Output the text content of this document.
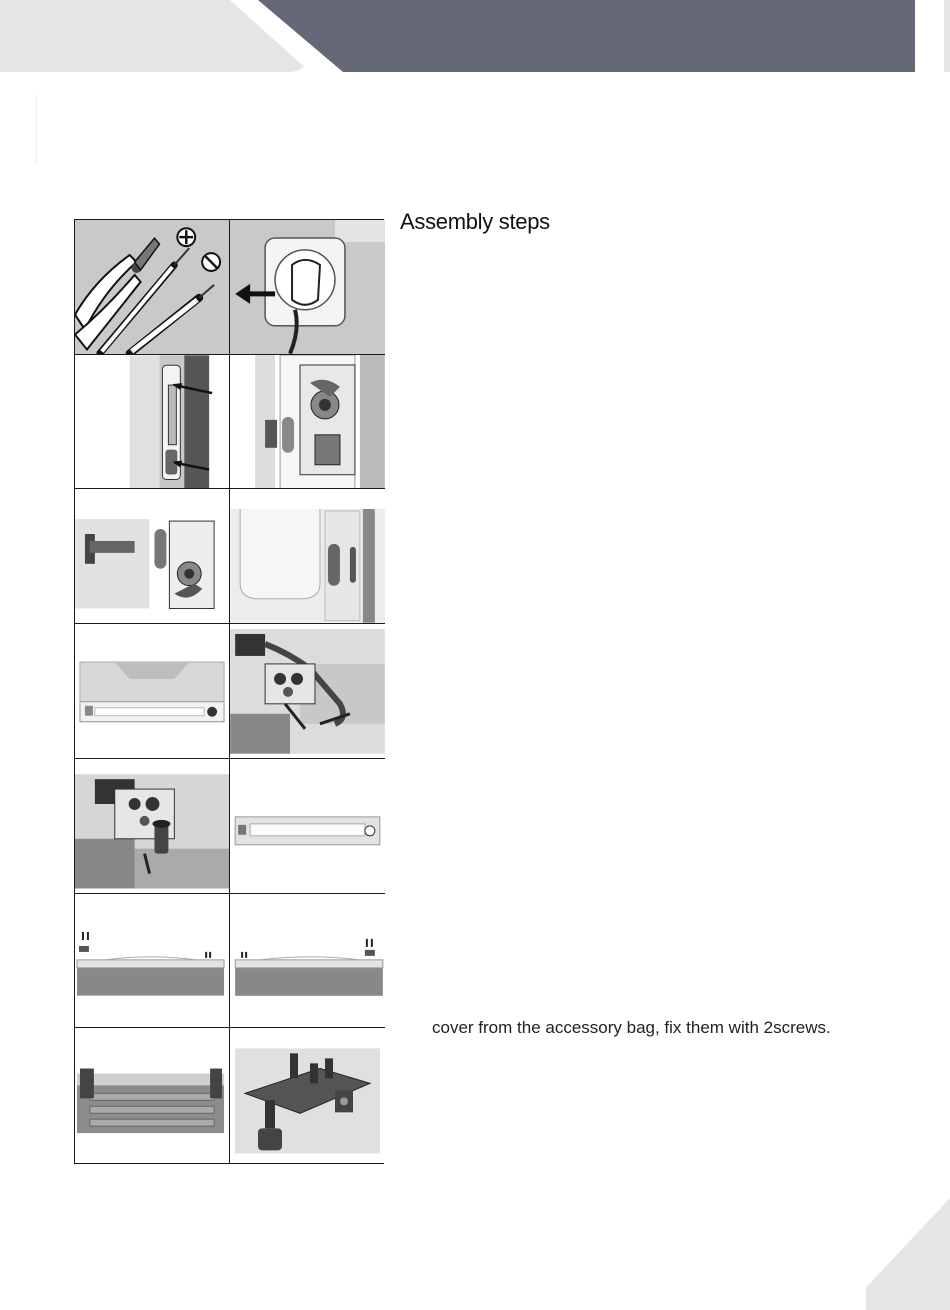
Assembly steps

cover from the accessory bag, fix them with 2screws.
